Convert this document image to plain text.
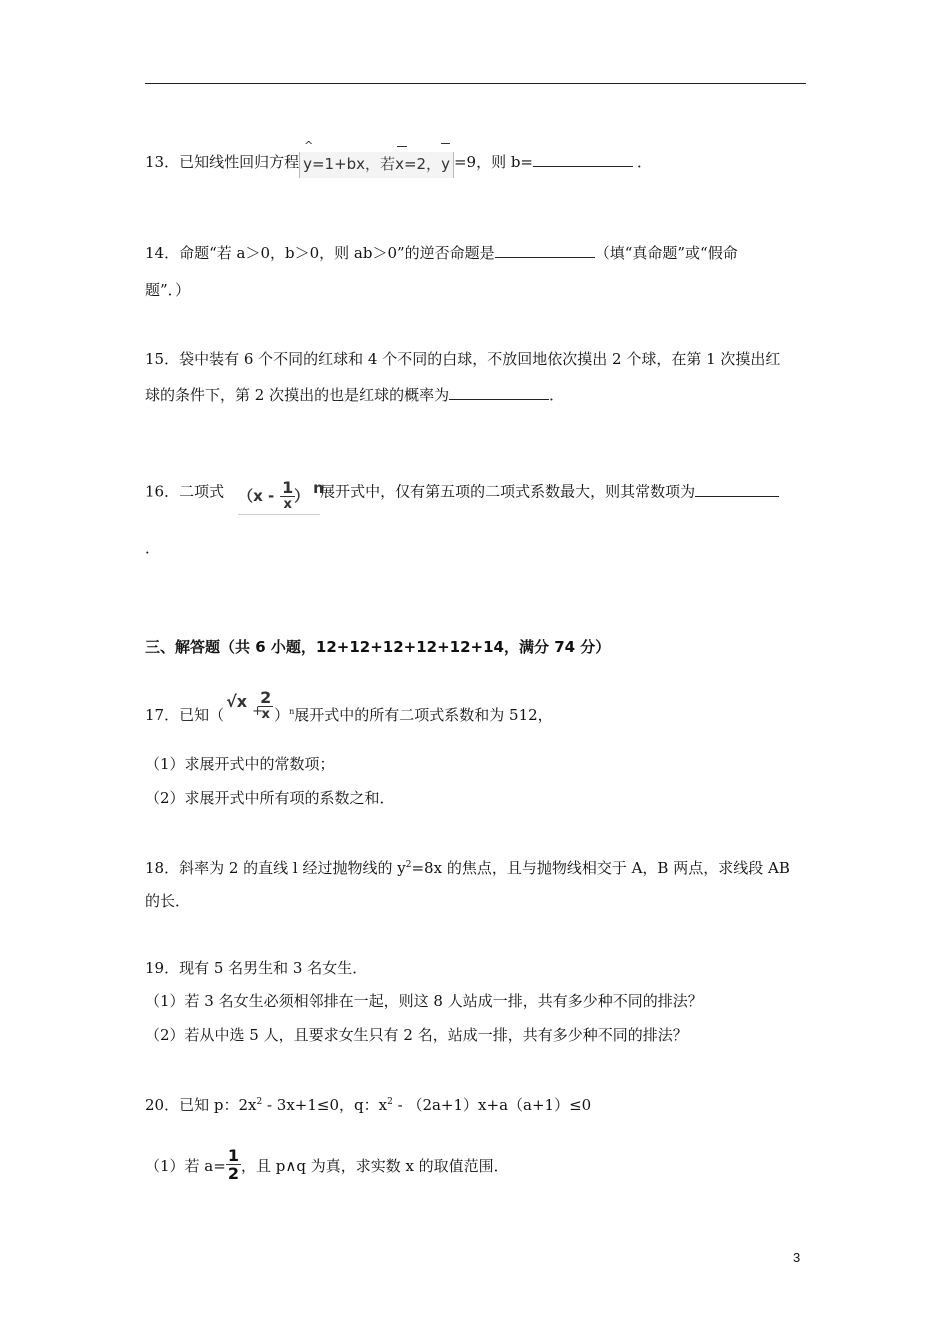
13．已知线性回归方程
^
y=1+bx，若
x=2，
y =9，则 b=	．
14．命题“若 a＞0，b＞0，则 ab＞0”的逆否命题是	（填“真命题”或“假命
题”．）
15．袋中装有 6 个不同的红球和 4 个不同的白球，不放回地依次摸出 2 个球，在第 1 次摸出红
球的条件下，第 2 次摸出的也是红球的概率为	．
16．二项式 （x - 1
x ） n
展开式中，仅有第五项的二项式系数最大，则其常数项为
．
三、解答题（共 6 小题，12+12+12+12+12+14，满分 74 分）
17．已知（
√x
+
2
x ）$^n$展开式中的所有二项式系数和为 512，
（1）求展开式中的常数项；
（2）求展开式中所有项的系数之和．
18．斜率为 2 的直线 l 经过抛物线的 $y^2=8x$ 的焦点，且与抛物线相交于 A，B 两点，求线段 AB
的长．
19．现有 5 名男生和 3 名女生．
（1）若 3 名女生必须相邻排在一起，则这 8 人站成一排，共有多少种不同的排法？
（2）若从中选 5 人，且要求女生只有 2 名，站成一排，共有多少种不同的排法？
20．已知 p：$2x^2 - 3x+1\le 0$，q：$x^2 - (2a+1)x+a(a+1)\le 0$
（1）若 $a= \frac{1}{2}$ ，且 p∧q 为真，求实数 x 的取值范围．
3
